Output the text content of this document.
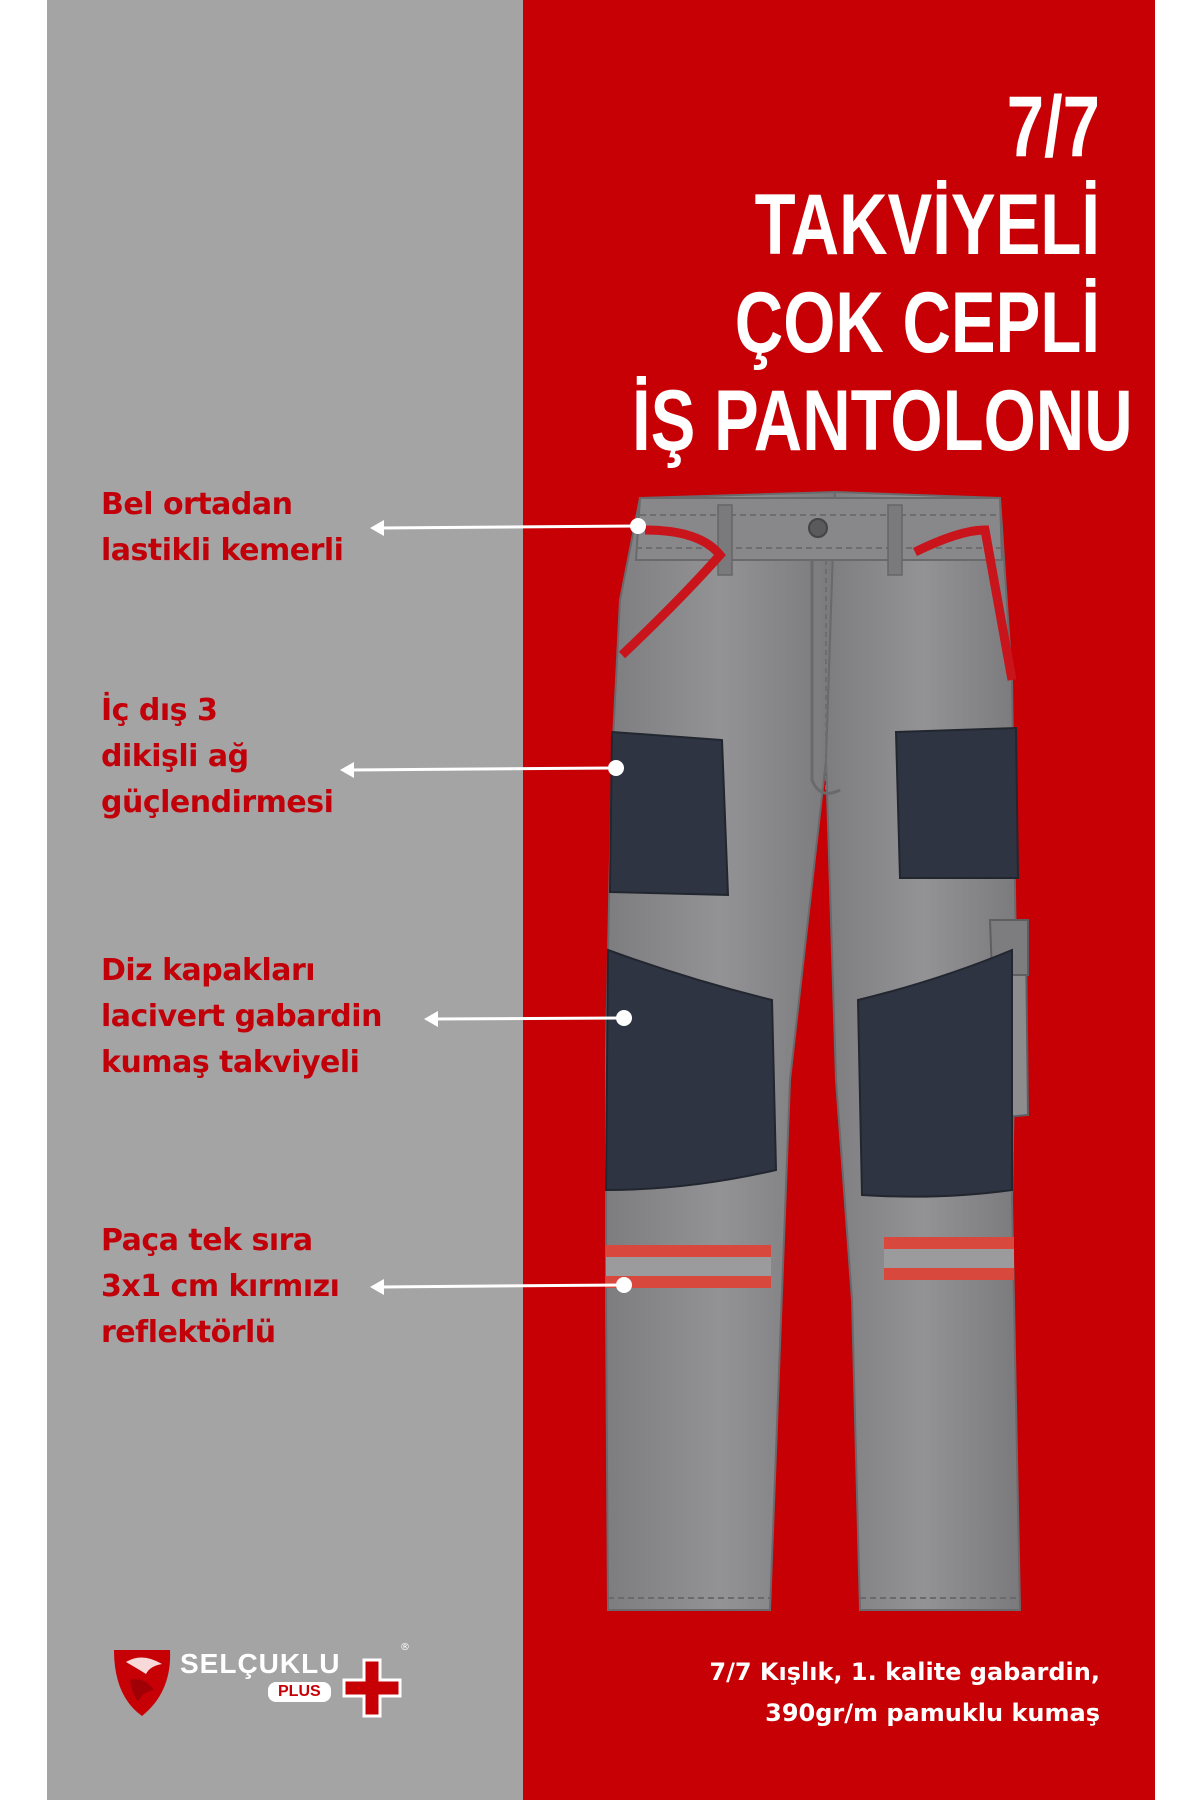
7/7
TAKVİYELİ
ÇOK CEPLİ
İŞ PANTOLONU
Bel ortadan
lastikli kemerli
İç dış 3
dikişli ağ
güçlendirmesi
Diz kapakları
lacivert gabardin
kumaş takviyeli
Paça tek sıra
3x1 cm kırmızı
reflektörlü
SELÇUKLU
PLUS
®
7/7 Kışlık, 1. kalite gabardin,
390gr/m pamuklu kumaş
